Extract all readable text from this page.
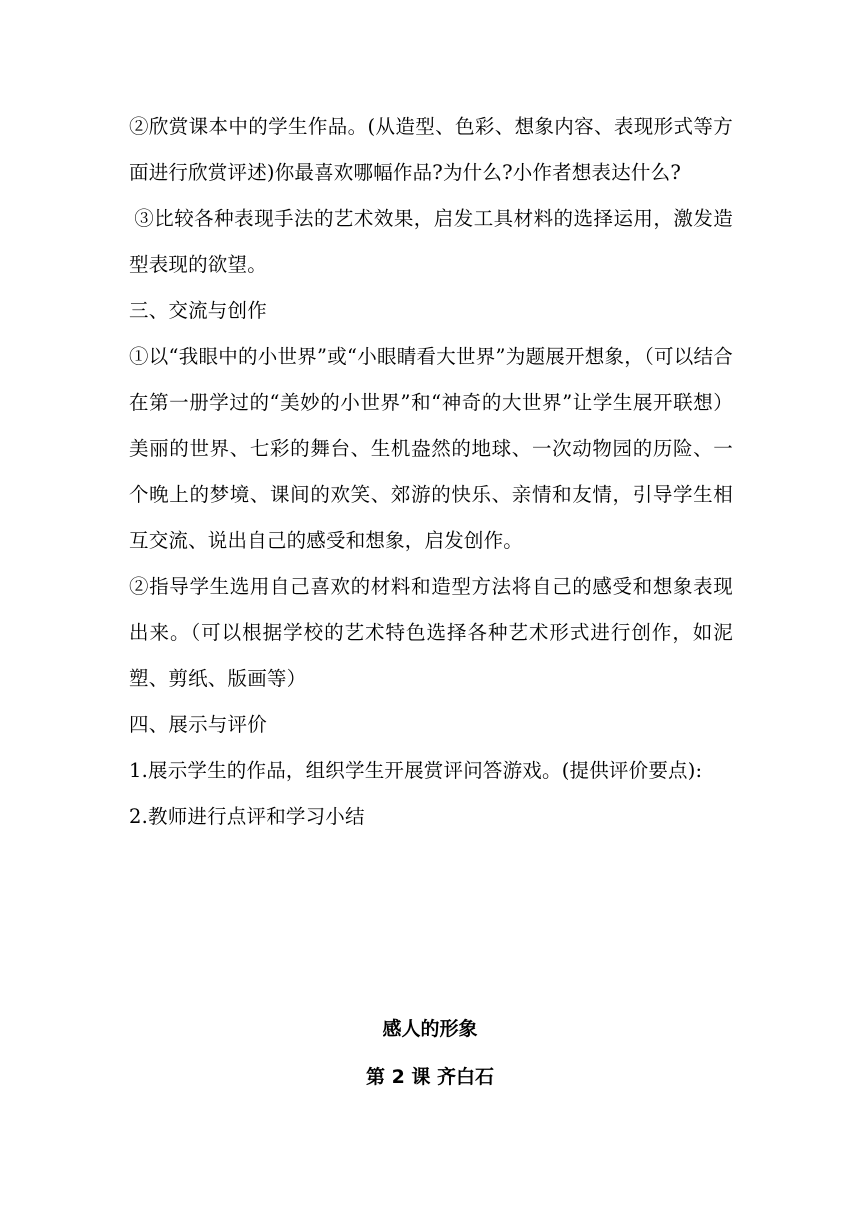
②欣赏课本中的学生作品。(从造型、色彩、想象内容、表现形式等方面进行欣赏评述)你最喜欢哪幅作品?为什么?小作者想表达什么?

③比较各种表现手法的艺术效果，启发工具材料的选择运用，激发造型表现的欲望。

三、交流与创作

①以“我眼中的小世界”或“小眼睛看大世界”为题展开想象，（可以结合在第一册学过的“美妙的小世界”和“神奇的大世界”让学生展开联想）美丽的世界、七彩的舞台、生机盎然的地球、一次动物园的历险、一个晚上的梦境、课间的欢笑、郊游的快乐、亲情和友情，引导学生相互交流、说出自己的感受和想象，启发创作。

②指导学生选用自己喜欢的材料和造型方法将自己的感受和想象表现出来。（可以根据学校的艺术特色选择各种艺术形式进行创作，如泥塑、剪纸、版画等）

四、展示与评价

1.展示学生的作品，组织学生开展赏评问答游戏。(提供评价要点):

2.教师进行点评和学习小结

感人的形象
第 2 课 齐白石
